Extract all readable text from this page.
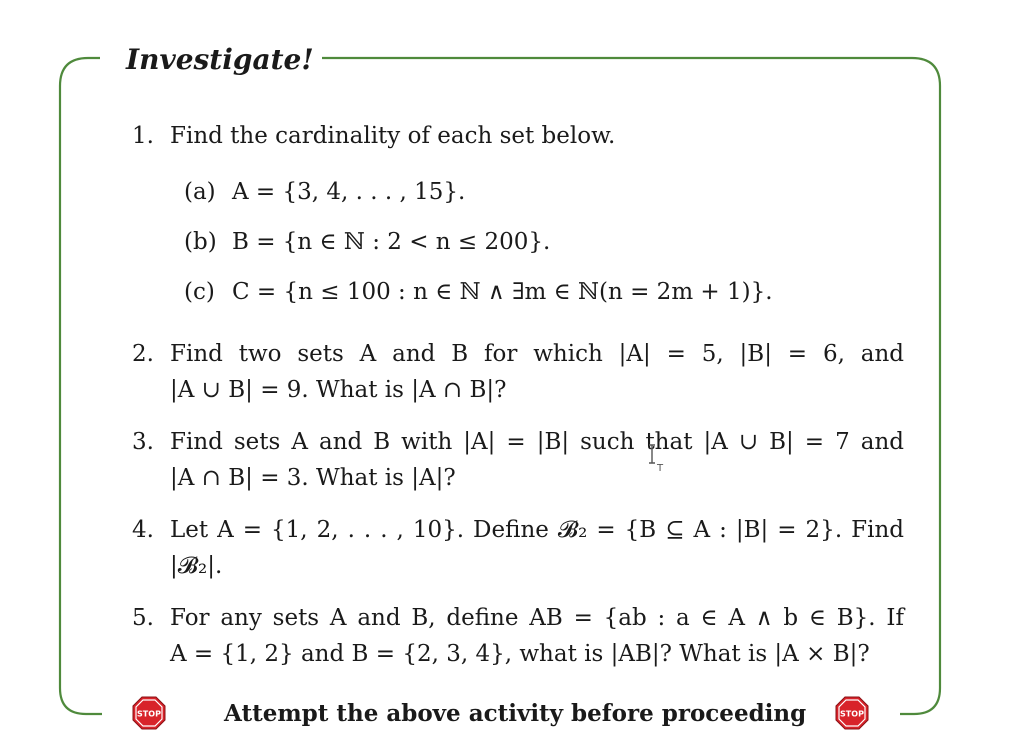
Investigate!
1. Find the cardinality of each set below.
(a) A = {3, 4, . . . , 15}.
(b) B = {n ∈ ℕ : 2 < n ≤ 200}.
(c) C = {n ≤ 100 : n ∈ ℕ ∧ ∃m ∈ ℕ(n = 2m + 1)}.
2. Find two sets A and B for which |A| = 5, |B| = 6, and
|A ∪ B| = 9. What is |A ∩ B|?
3. Find sets A and B with |A| = |B| such that |A ∪ B| = 7 and
|A ∩ B| = 3. What is |A|?
4. Let A = {1, 2, . . . , 10}. Define 𝓑₂ = {B ⊆ A : |B| = 2}. Find
|𝓑₂|.
5. For any sets A and B, define AB = {ab : a ∈ A ∧ b ∈ B}. If
A = {1, 2} and B = {2, 3, 4}, what is |AB|? What is |A × B|?
T
STOP	Attempt the above activity before proceeding	STOP
